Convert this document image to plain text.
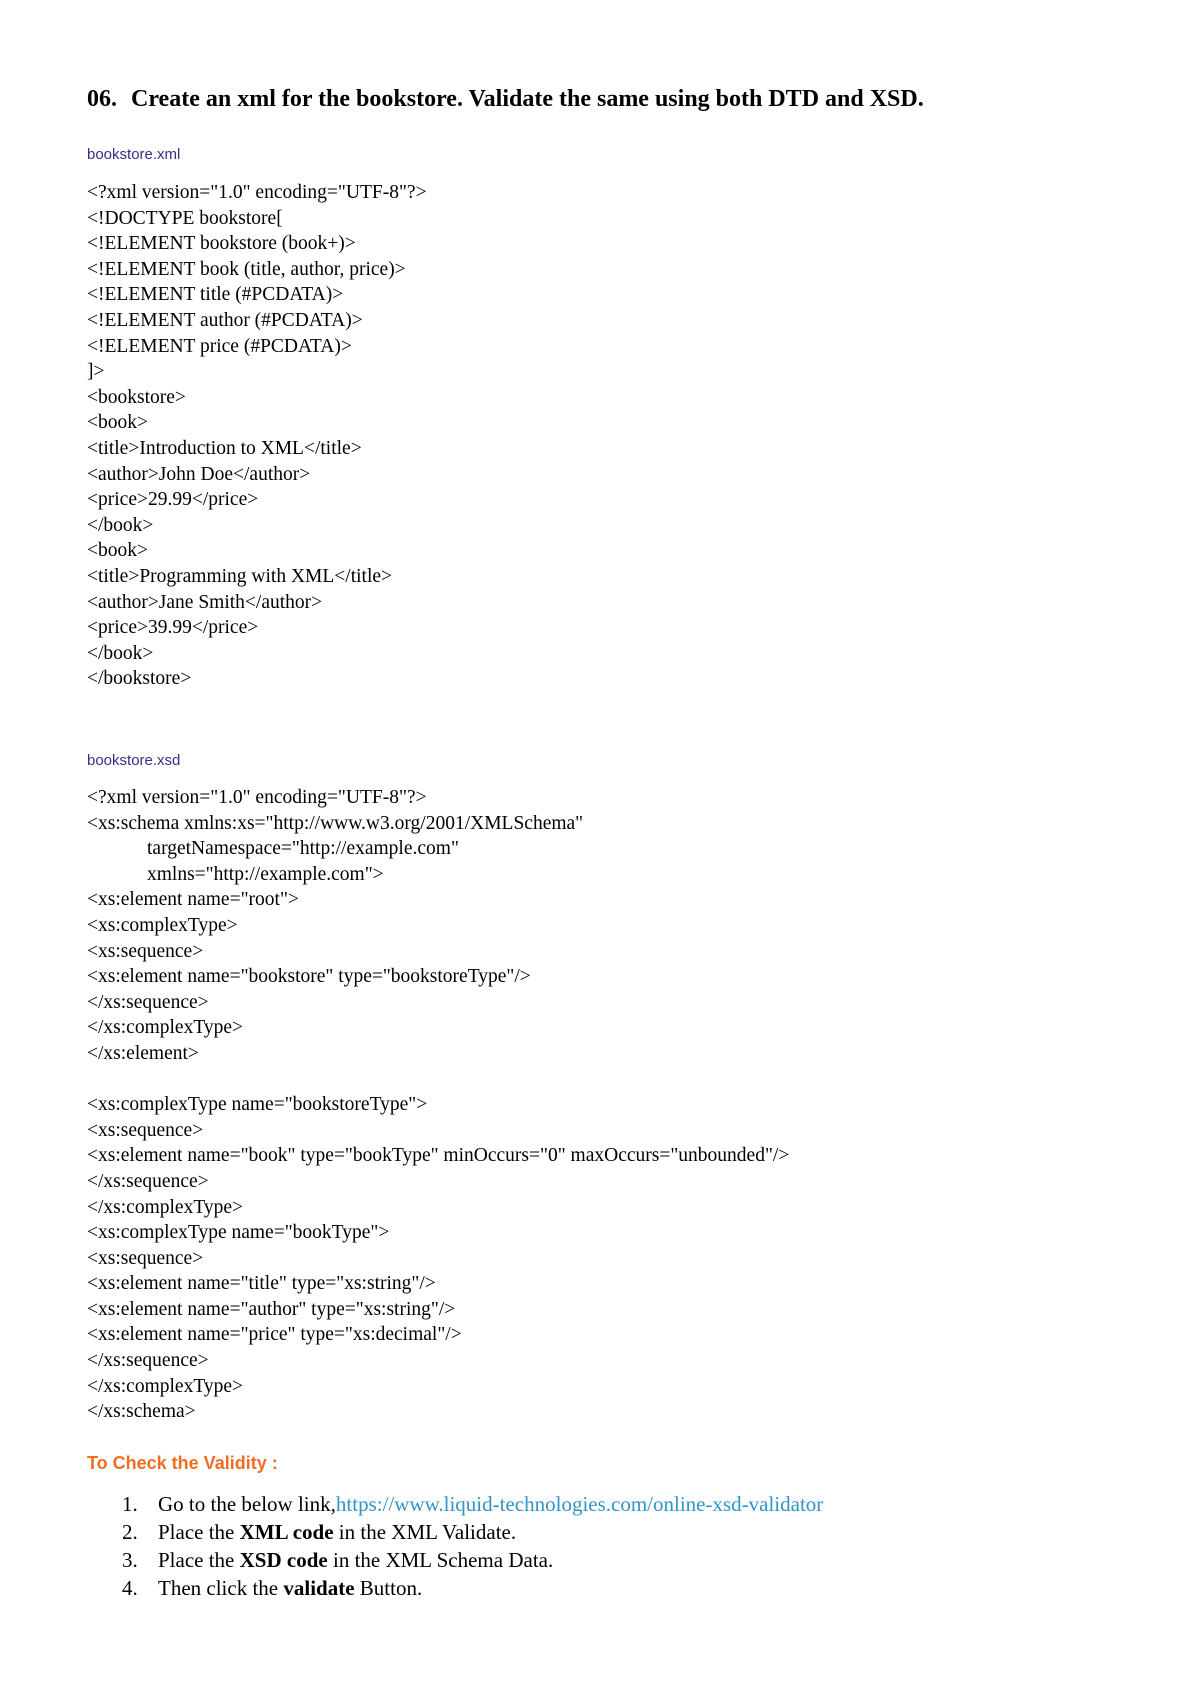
06. Create an xml for the bookstore. Validate the same using both DTD and XSD.
bookstore.xml
<?xml version="1.0" encoding="UTF-8"?>
<!DOCTYPE bookstore[
<!ELEMENT bookstore (book+)>
<!ELEMENT book (title, author, price)>
<!ELEMENT title (#PCDATA)>
<!ELEMENT author (#PCDATA)>
<!ELEMENT price (#PCDATA)>
]>
<bookstore>
<book>
<title>Introduction to XML</title>
<author>John Doe</author>
<price>29.99</price>
</book>
<book>
<title>Programming with XML</title>
<author>Jane Smith</author>
<price>39.99</price>
</book>
</bookstore>
bookstore.xsd
<?xml version="1.0" encoding="UTF-8"?>
<xs:schema xmlns:xs="http://www.w3.org/2001/XMLSchema"
targetNamespace="http://example.com"
xmlns="http://example.com">
<xs:element name="root">
<xs:complexType>
<xs:sequence>
<xs:element name="bookstore" type="bookstoreType"/>
</xs:sequence>
</xs:complexType>
</xs:element>
<xs:complexType name="bookstoreType">
<xs:sequence>
<xs:element name="book" type="bookType" minOccurs="0" maxOccurs="unbounded"/>
</xs:sequence>
</xs:complexType>
<xs:complexType name="bookType">
<xs:sequence>
<xs:element name="title" type="xs:string"/>
<xs:element name="author" type="xs:string"/>
<xs:element name="price" type="xs:decimal"/>
</xs:sequence>
</xs:complexType>
</xs:schema>
To Check the Validity :
1. Go to the below link,https://www.liquid-technologies.com/online-xsd-validator
2. Place the XML code in the XML Validate.
3. Place the XSD code in the XML Schema Data.
4. Then click the validate Button.
